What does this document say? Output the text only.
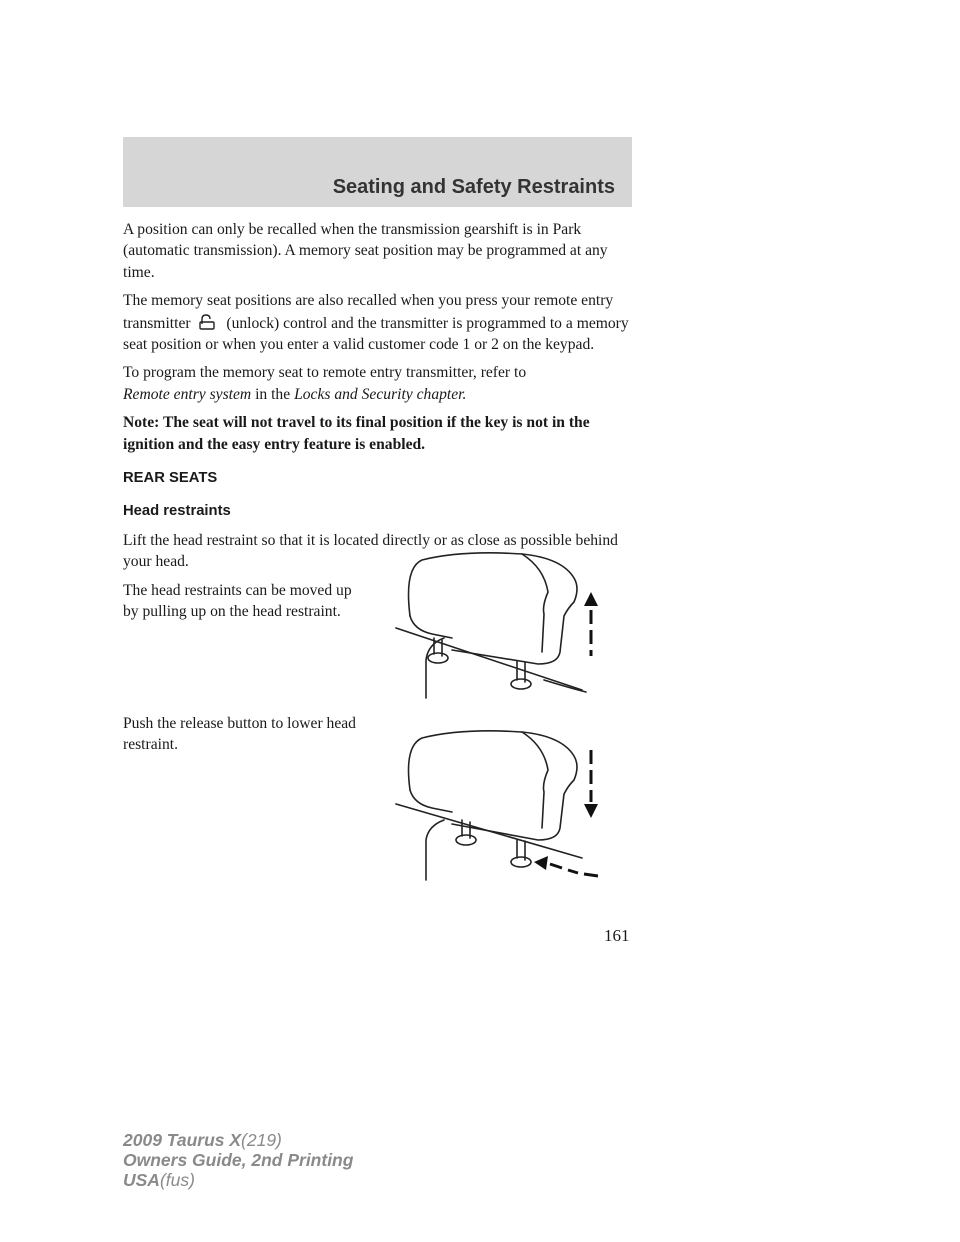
Seating and Safety Restraints

A position can only be recalled when the transmission gearshift is in Park (automatic transmission). A memory seat position may be programmed at any time.

The memory seat positions are also recalled when you press your remote entry transmitter (unlock) control and the transmitter is programmed to a memory seat position or when you enter a valid customer code 1 or 2 on the keypad.

To program the memory seat to remote entry transmitter, refer to
Remote entry system in the Locks and Security chapter.

Note: The seat will not travel to its final position if the key is not in the ignition and the easy entry feature is enabled.

REAR SEATS

Head restraints

Lift the head restraint so that it is located directly or as close as possible behind your head.

The head restraints can be moved up by pulling up on the head restraint.

Push the release button to lower head restraint.

161

2009 Taurus X(219)
Owners Guide, 2nd Printing
USA(fus)
